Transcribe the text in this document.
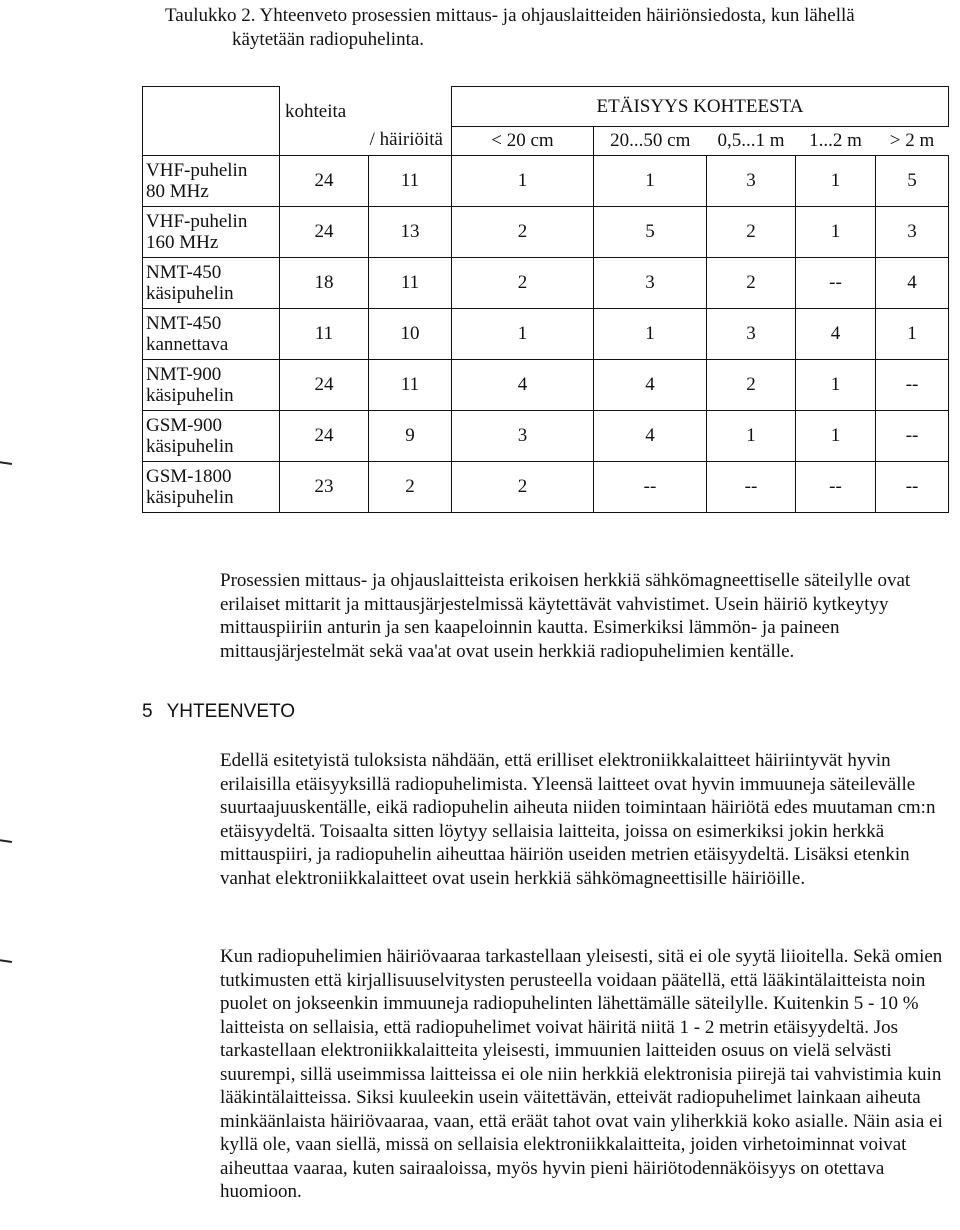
Taulukko 2. Yhteenveto prosessien mittaus- ja ohjauslaitteiden häiriönsiedosta, kun lähellä
käytetään radiopuhelinta.

	kohteita		ETÄISYYS KOHTEESTA				

	/ häiriöitä		< 20 cm	20...50 cm	0,5...1 m	1...2 m	> 2 m

VHF-puhelin
80 MHz	24	11	1	1	3	1	5

VHF-puhelin
160 MHz	24	13	2	5	2	1	3

NMT-450
käsipuhelin	18	11	2	3	2	--	4

NMT-450
kannettava	11	10	1	1	3	4	1

NMT-900
käsipuhelin	24	11	4	4	2	1	--

GSM-900
käsipuhelin	24	9	3	4	1	1	--

GSM-1800
käsipuhelin	23	2	2	--	--	--	--
5 YHTEENVETO

Prosessien mittaus- ja ohjauslaitteista erikoisen herkkiä sähkömagneettiselle säteilylle ovat erilaiset mittarit ja mittausjärjestelmissä käytettävät vahvistimet. Usein häiriö kytkeytyy mittauspiiriin anturin ja sen kaapeloinnin kautta. Esimerkiksi lämmön- ja paineen mittausjärjestelmät sekä vaa'at ovat usein herkkiä radiopuhelimien kentälle.

Edellä esitetyistä tuloksista nähdään, että erilliset elektroniikkalaitteet häiriintyvät hyvin erilaisilla etäisyyksillä radiopuhelimista. Yleensä laitteet ovat hyvin immuuneja säteilevälle suurtaajuuskentälle, eikä radiopuhelin aiheuta niiden toimintaan häiriötä edes muutaman cm:n etäisyydeltä. Toisaalta sitten löytyy sellaisia laitteita, joissa on esimerkiksi jokin herkkä mittauspiiri, ja radiopuhelin aiheuttaa häiriön useiden metrien etäisyydeltä. Lisäksi etenkin vanhat elektroniikkalaitteet ovat usein herkkiä sähkömagneettisille häiriöille.

Kun radiopuhelimien häiriövaaraa tarkastellaan yleisesti, sitä ei ole syytä liioitella. Sekä omien tutkimusten että kirjallisuuselvitysten perusteella voidaan päätellä, että lääkintälaitteista noin puolet on jokseenkin immuuneja radiopuhelinten lähettämälle säteilylle. Kuitenkin 5 - 10 % laitteista on sellaisia, että radiopuhelimet voivat häiritä niitä 1 - 2 metrin etäisyydeltä. Jos tarkastellaan elektroniikkalaitteita yleisesti, immuunien laitteiden osuus on vielä selvästi suurempi, sillä useimmissa laitteissa ei ole niin herkkiä elektronisia piirejä tai vahvistimia kuin lääkintälaitteissa. Siksi kuuleekin usein väitettävän, etteivät radiopuhelimet lainkaan aiheuta minkäänlaista häiriövaaraa, vaan, että eräät tahot ovat vain yliherkkiä koko asialle. Näin asia ei kyllä ole, vaan siellä, missä on sellaisia elektroniikkalaitteita, joiden virhetoiminnat voivat aiheuttaa vaaraa, kuten sairaaloissa, myös hyvin pieni häiriötodennäköisyys on otettava huomioon.
